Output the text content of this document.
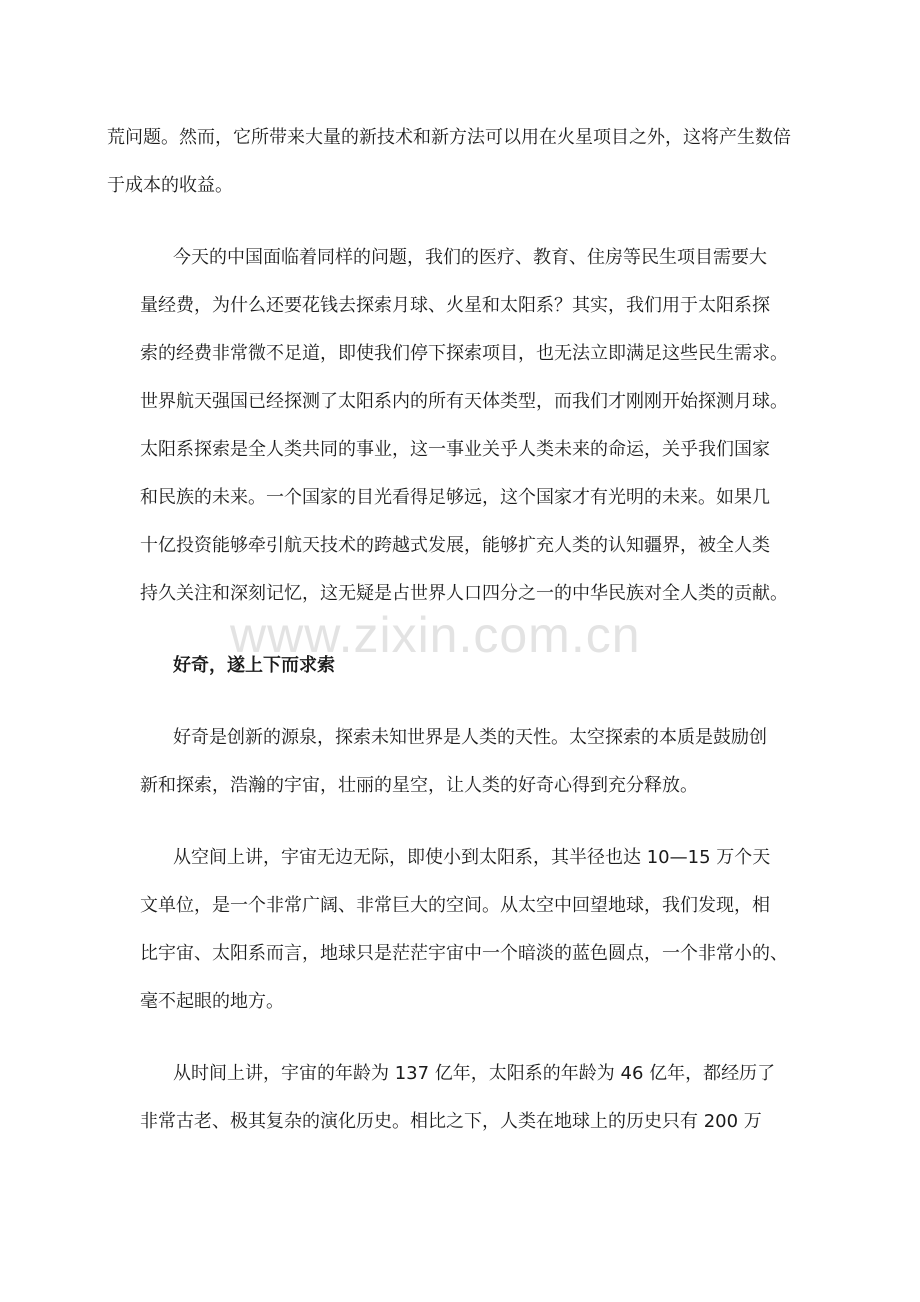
www.zixin.com.cn
荒问题。然而，它所带来大量的新技术和新方法可以用在火星项目之外，这将产生数倍
于成本的收益。
今天的中国面临着同样的问题，我们的医疗、教育、住房等民生项目需要大
量经费，为什么还要花钱去探索月球、火星和太阳系？其实，我们用于太阳系探
索的经费非常微不足道，即使我们停下探索项目，也无法立即满足这些民生需求。
世界航天强国已经探测了太阳系内的所有天体类型，而我们才刚刚开始探测月球。
太阳系探索是全人类共同的事业，这一事业关乎人类未来的命运，关乎我们国家
和民族的未来。一个国家的目光看得足够远，这个国家才有光明的未来。如果几
十亿投资能够牵引航天技术的跨越式发展，能够扩充人类的认知疆界，被全人类
持久关注和深刻记忆，这无疑是占世界人口四分之一的中华民族对全人类的贡献。
好奇，遂上下而求索
好奇是创新的源泉，探索未知世界是人类的天性。太空探索的本质是鼓励创
新和探索，浩瀚的宇宙，壮丽的星空，让人类的好奇心得到充分释放。
从空间上讲，宇宙无边无际，即使小到太阳系，其半径也达 10—15 万个天
文单位，是一个非常广阔、非常巨大的空间。从太空中回望地球，我们发现，相
比宇宙、太阳系而言，地球只是茫茫宇宙中一个暗淡的蓝色圆点，一个非常小的、
毫不起眼的地方。
从时间上讲，宇宙的年龄为 137 亿年，太阳系的年龄为 46 亿年，都经历了
非常古老、极其复杂的演化历史。相比之下，人类在地球上的历史只有 200 万
